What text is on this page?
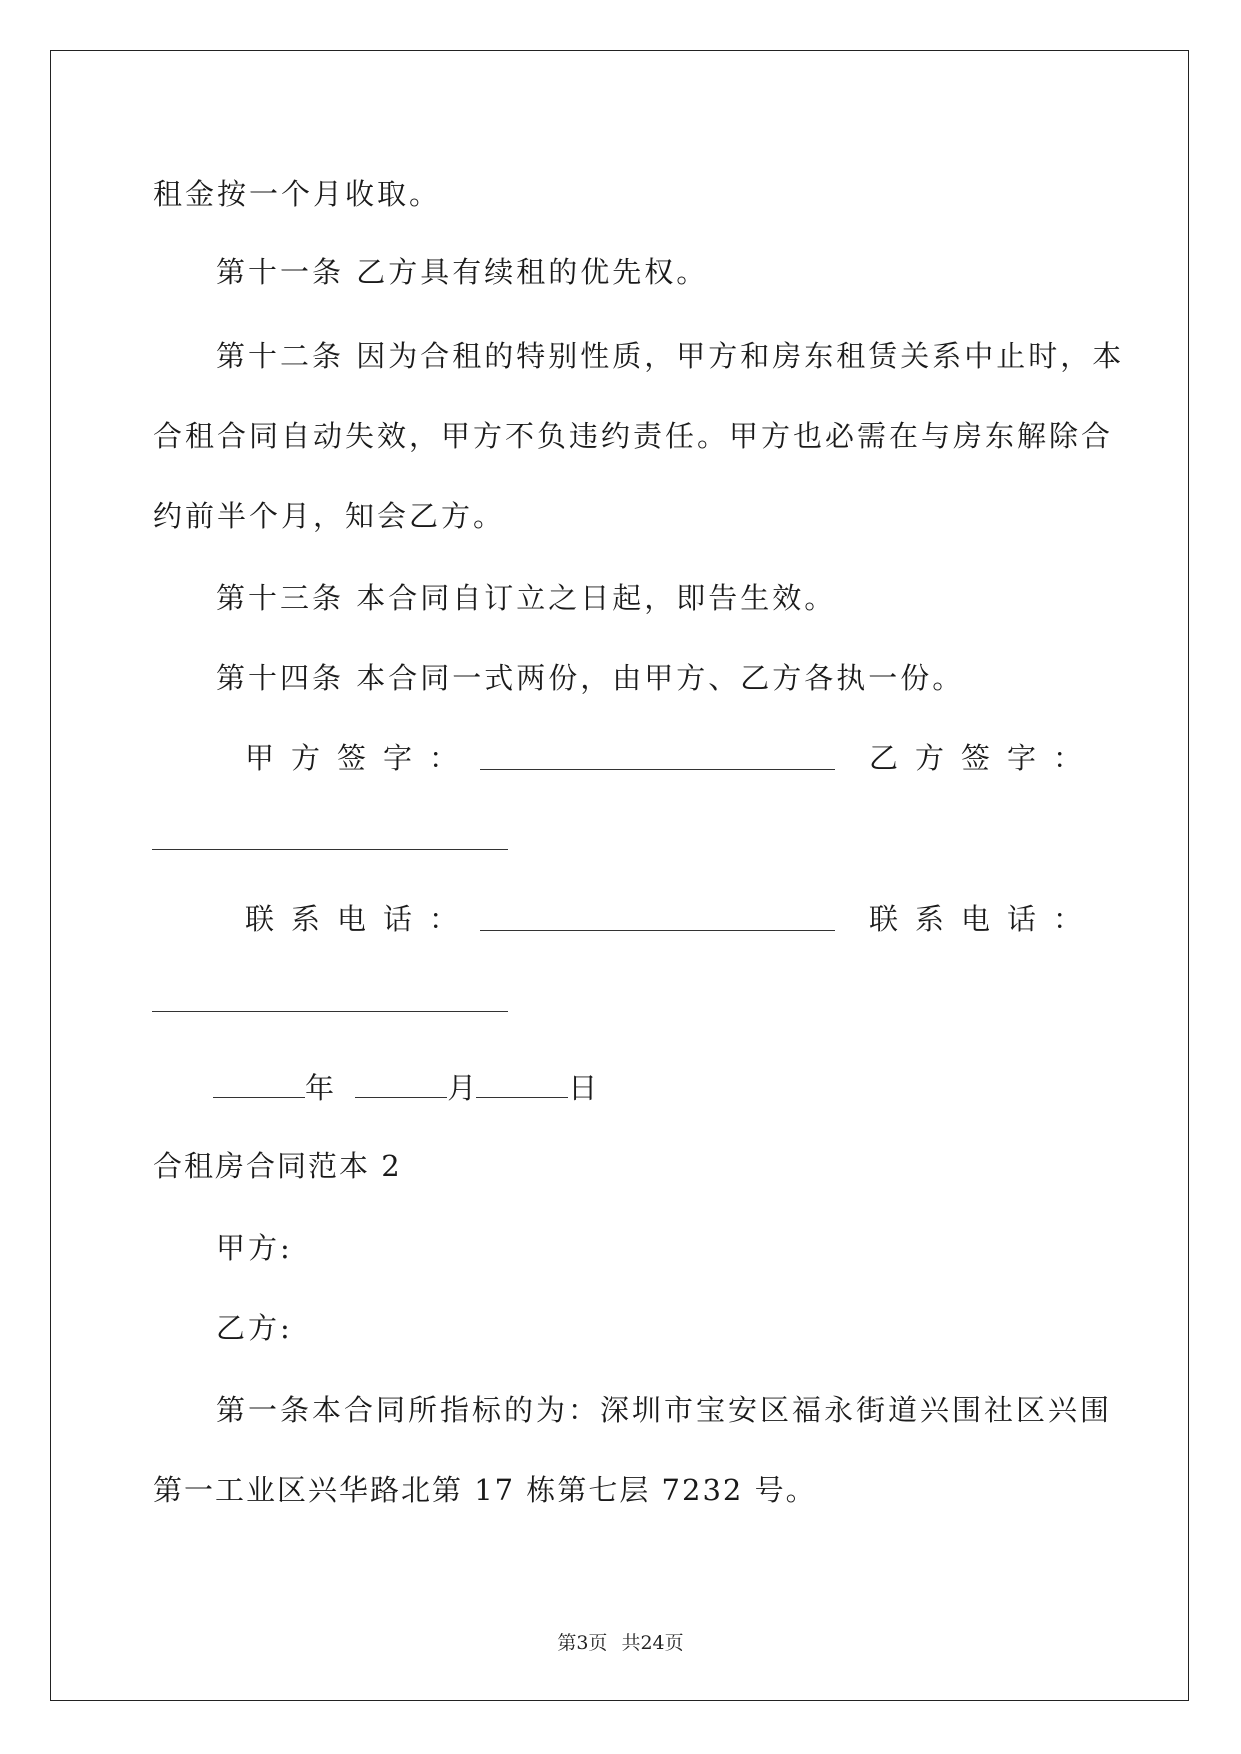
租金按一个月收取。
第十一条 乙方具有续租的优先权。
第十二条 因为合租的特别性质，甲方和房东租赁关系中止时，本
合租合同自动失效，甲方不负违约责任。甲方也必需在与房东解除合
约前半个月，知会乙方。
第十三条 本合同自订立之日起，即告生效。
第十四条 本合同一式两份，由甲方、乙方各执一份。
甲方签字：	乙方签字：
联系电话：	联系电话：
年	月	日
合租房合同范本 2
甲方:
乙方:
第一条本合同所指标的为：深圳市宝安区福永街道兴围社区兴围
第一工业区兴华路北第 17 栋第七层 7232 号。
第3页 共24页
